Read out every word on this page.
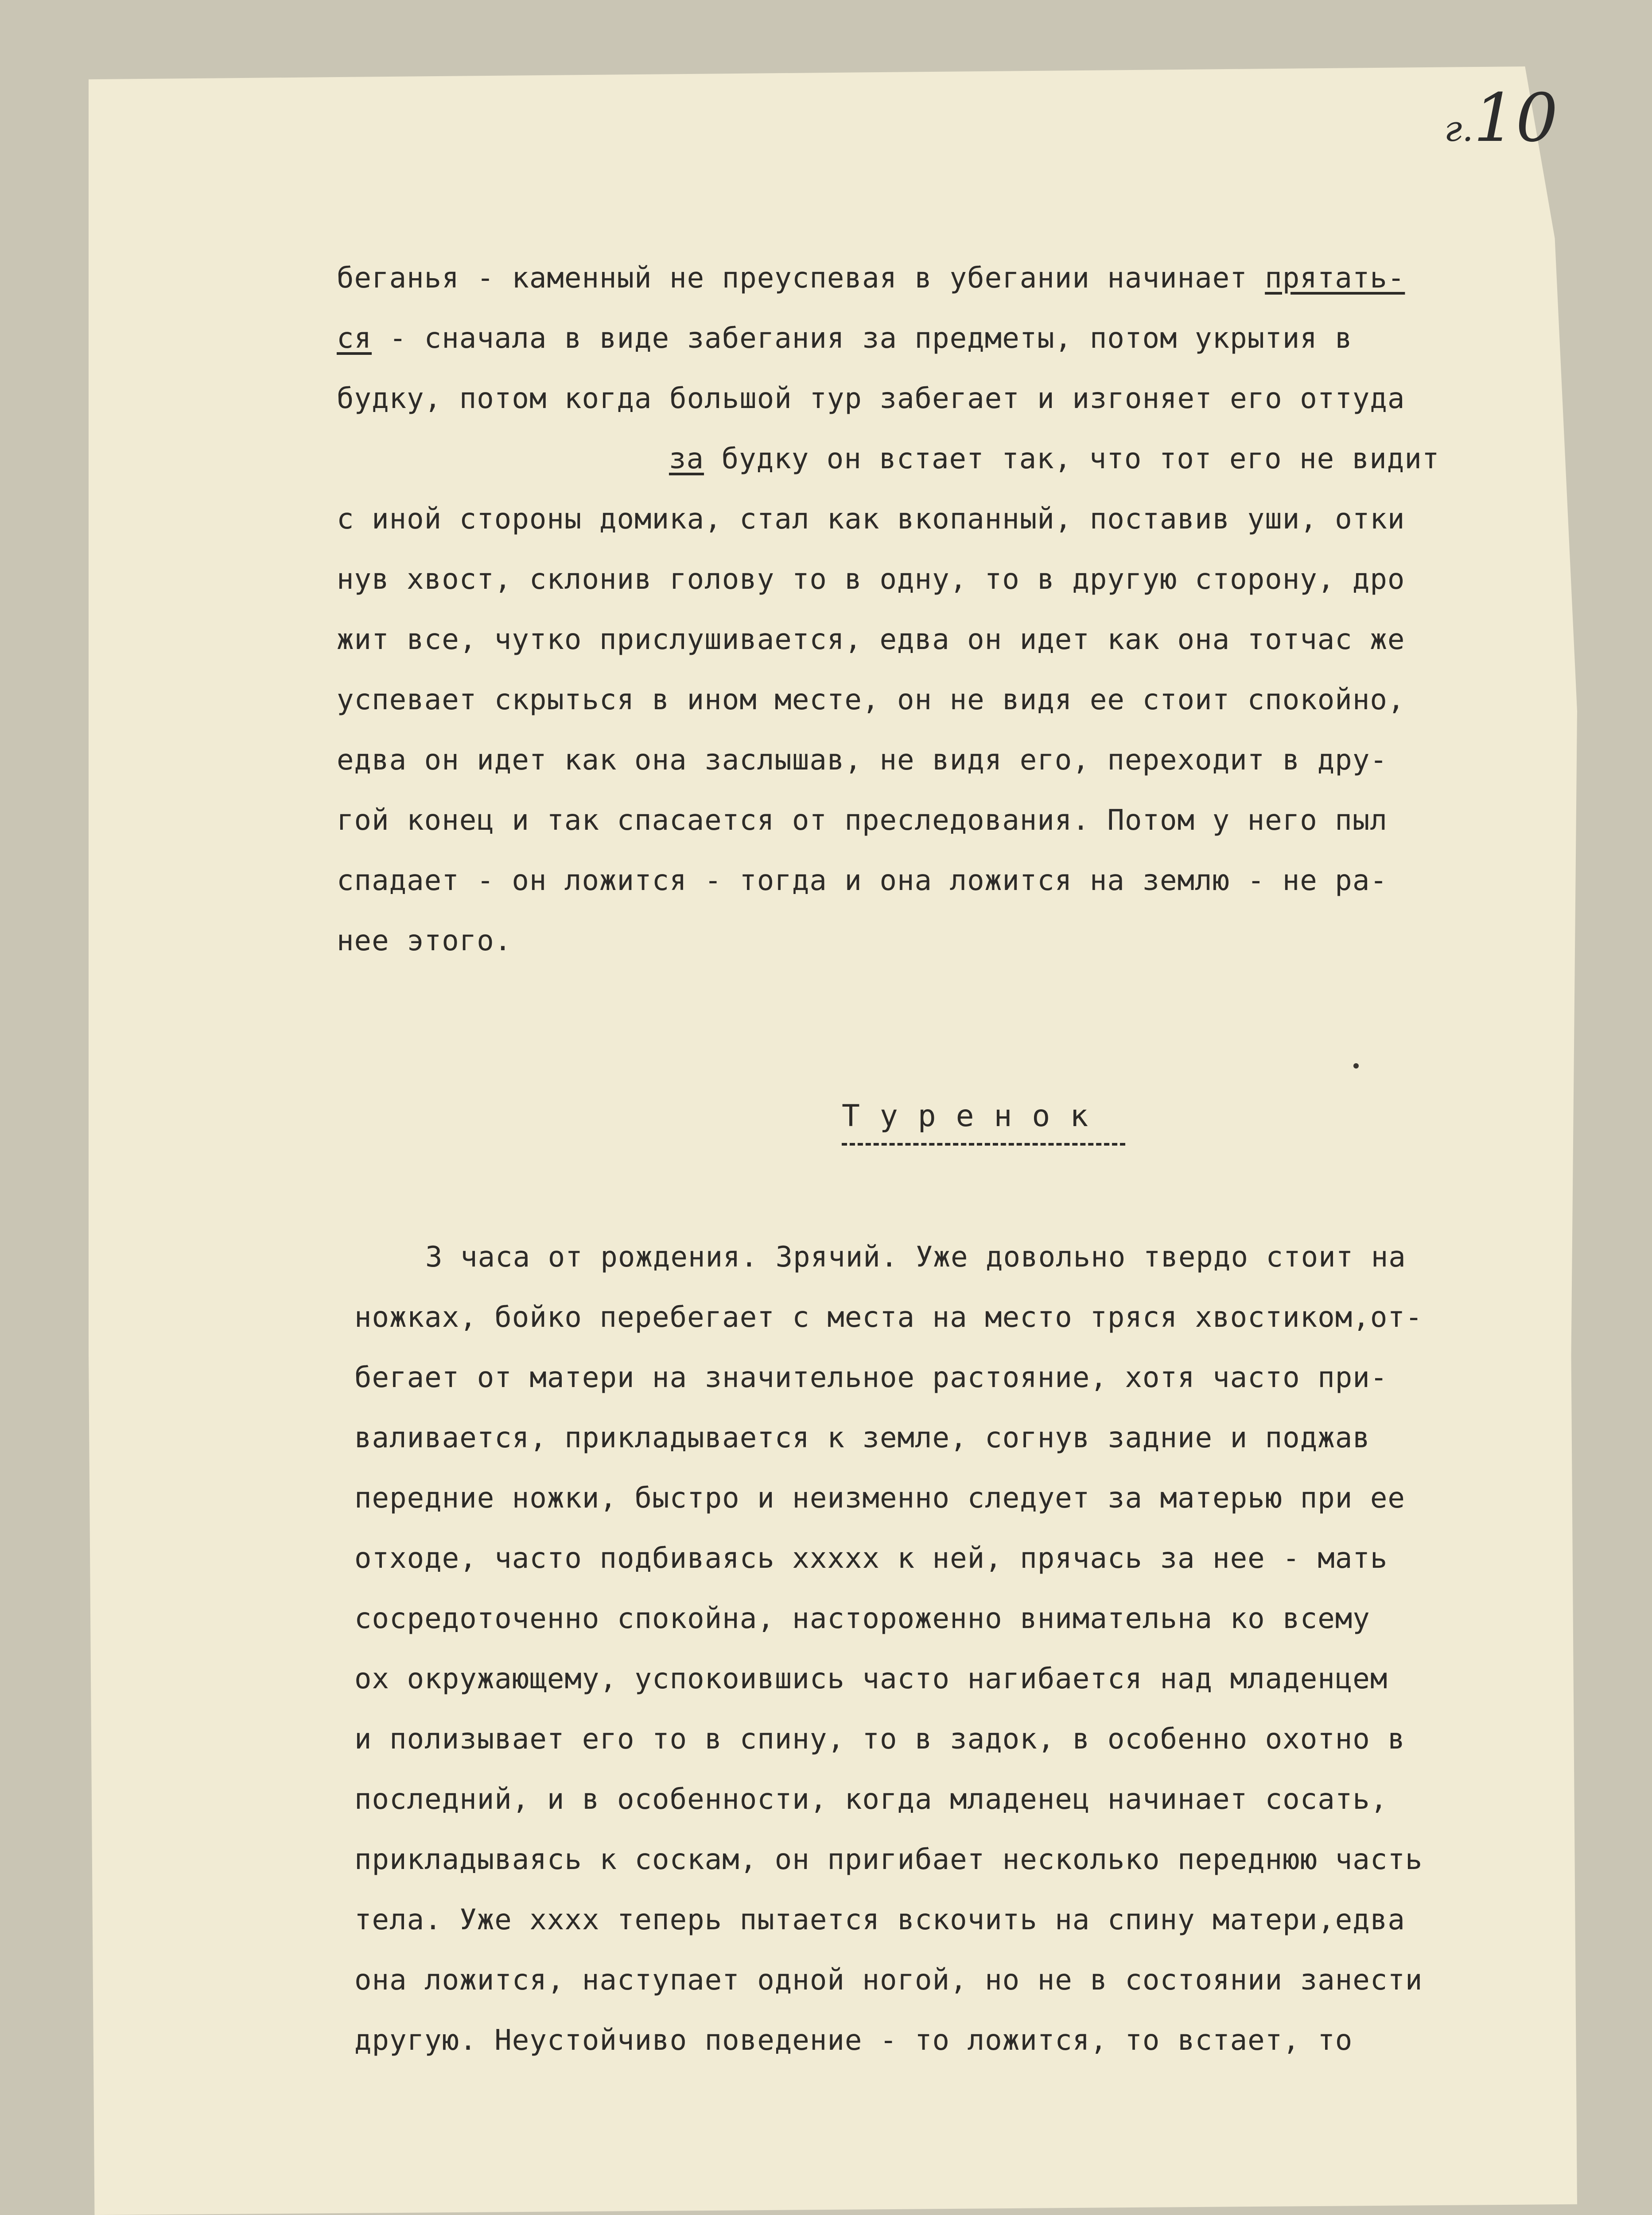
г.10
беганья - каменный не преуспевая в убегании начинает прятать-
ся - сначала в виде забегания за предметы, потом укрытия в
будку, потом когда большой тур забегает и изгоняет его оттуда
за будку он встает так, что тот его не видит
с иной стороны домика, стал как вкопанный, поставив уши, отки
нув хвост, склонив голову то в одну, то в другую сторону, дро
жит все, чутко прислушивается, едва он идет как она тотчас же
успевает скрыться в ином месте, он не видя ее стоит спокойно,
едва он идет как она заслышав, не видя его, переходит в дру-
гой конец и так спасается от преследования. Потом у него пыл
спадает - он ложится - тогда и она ложится на землю - не ра-
нее этого.
Т у р е н о к
3 часа от рождения. Зрячий. Уже довольно твердо стоит на
ножках, бойко перебегает с места на место тряся хвостиком,от-
бегает от матери на значительное растояние, хотя часто при-
валивается, прикладывается к земле, согнув задние и поджав
передние ножки, быстро и неизменно следует за матерью при ее
отходе, часто подбиваясь xxxxx к ней, прячась за нее - мать
сосредоточенно спокойна, настороженно внимательна ко всему
ох окружающему, успокоившись часто нагибается над младенцем
и полизывает его то в спину, то в задок, в особенно охотно в
последний, и в особенности, когда младенец начинает сосать,
прикладываясь к соскам, он пригибает несколько переднюю часть
тела. Уже xxxx теперь пытается вскочить на спину матери,едва
она ложится, наступает одной ногой, но не в состоянии занести
другую. Неустойчиво поведение - то ложится, то встает, то
